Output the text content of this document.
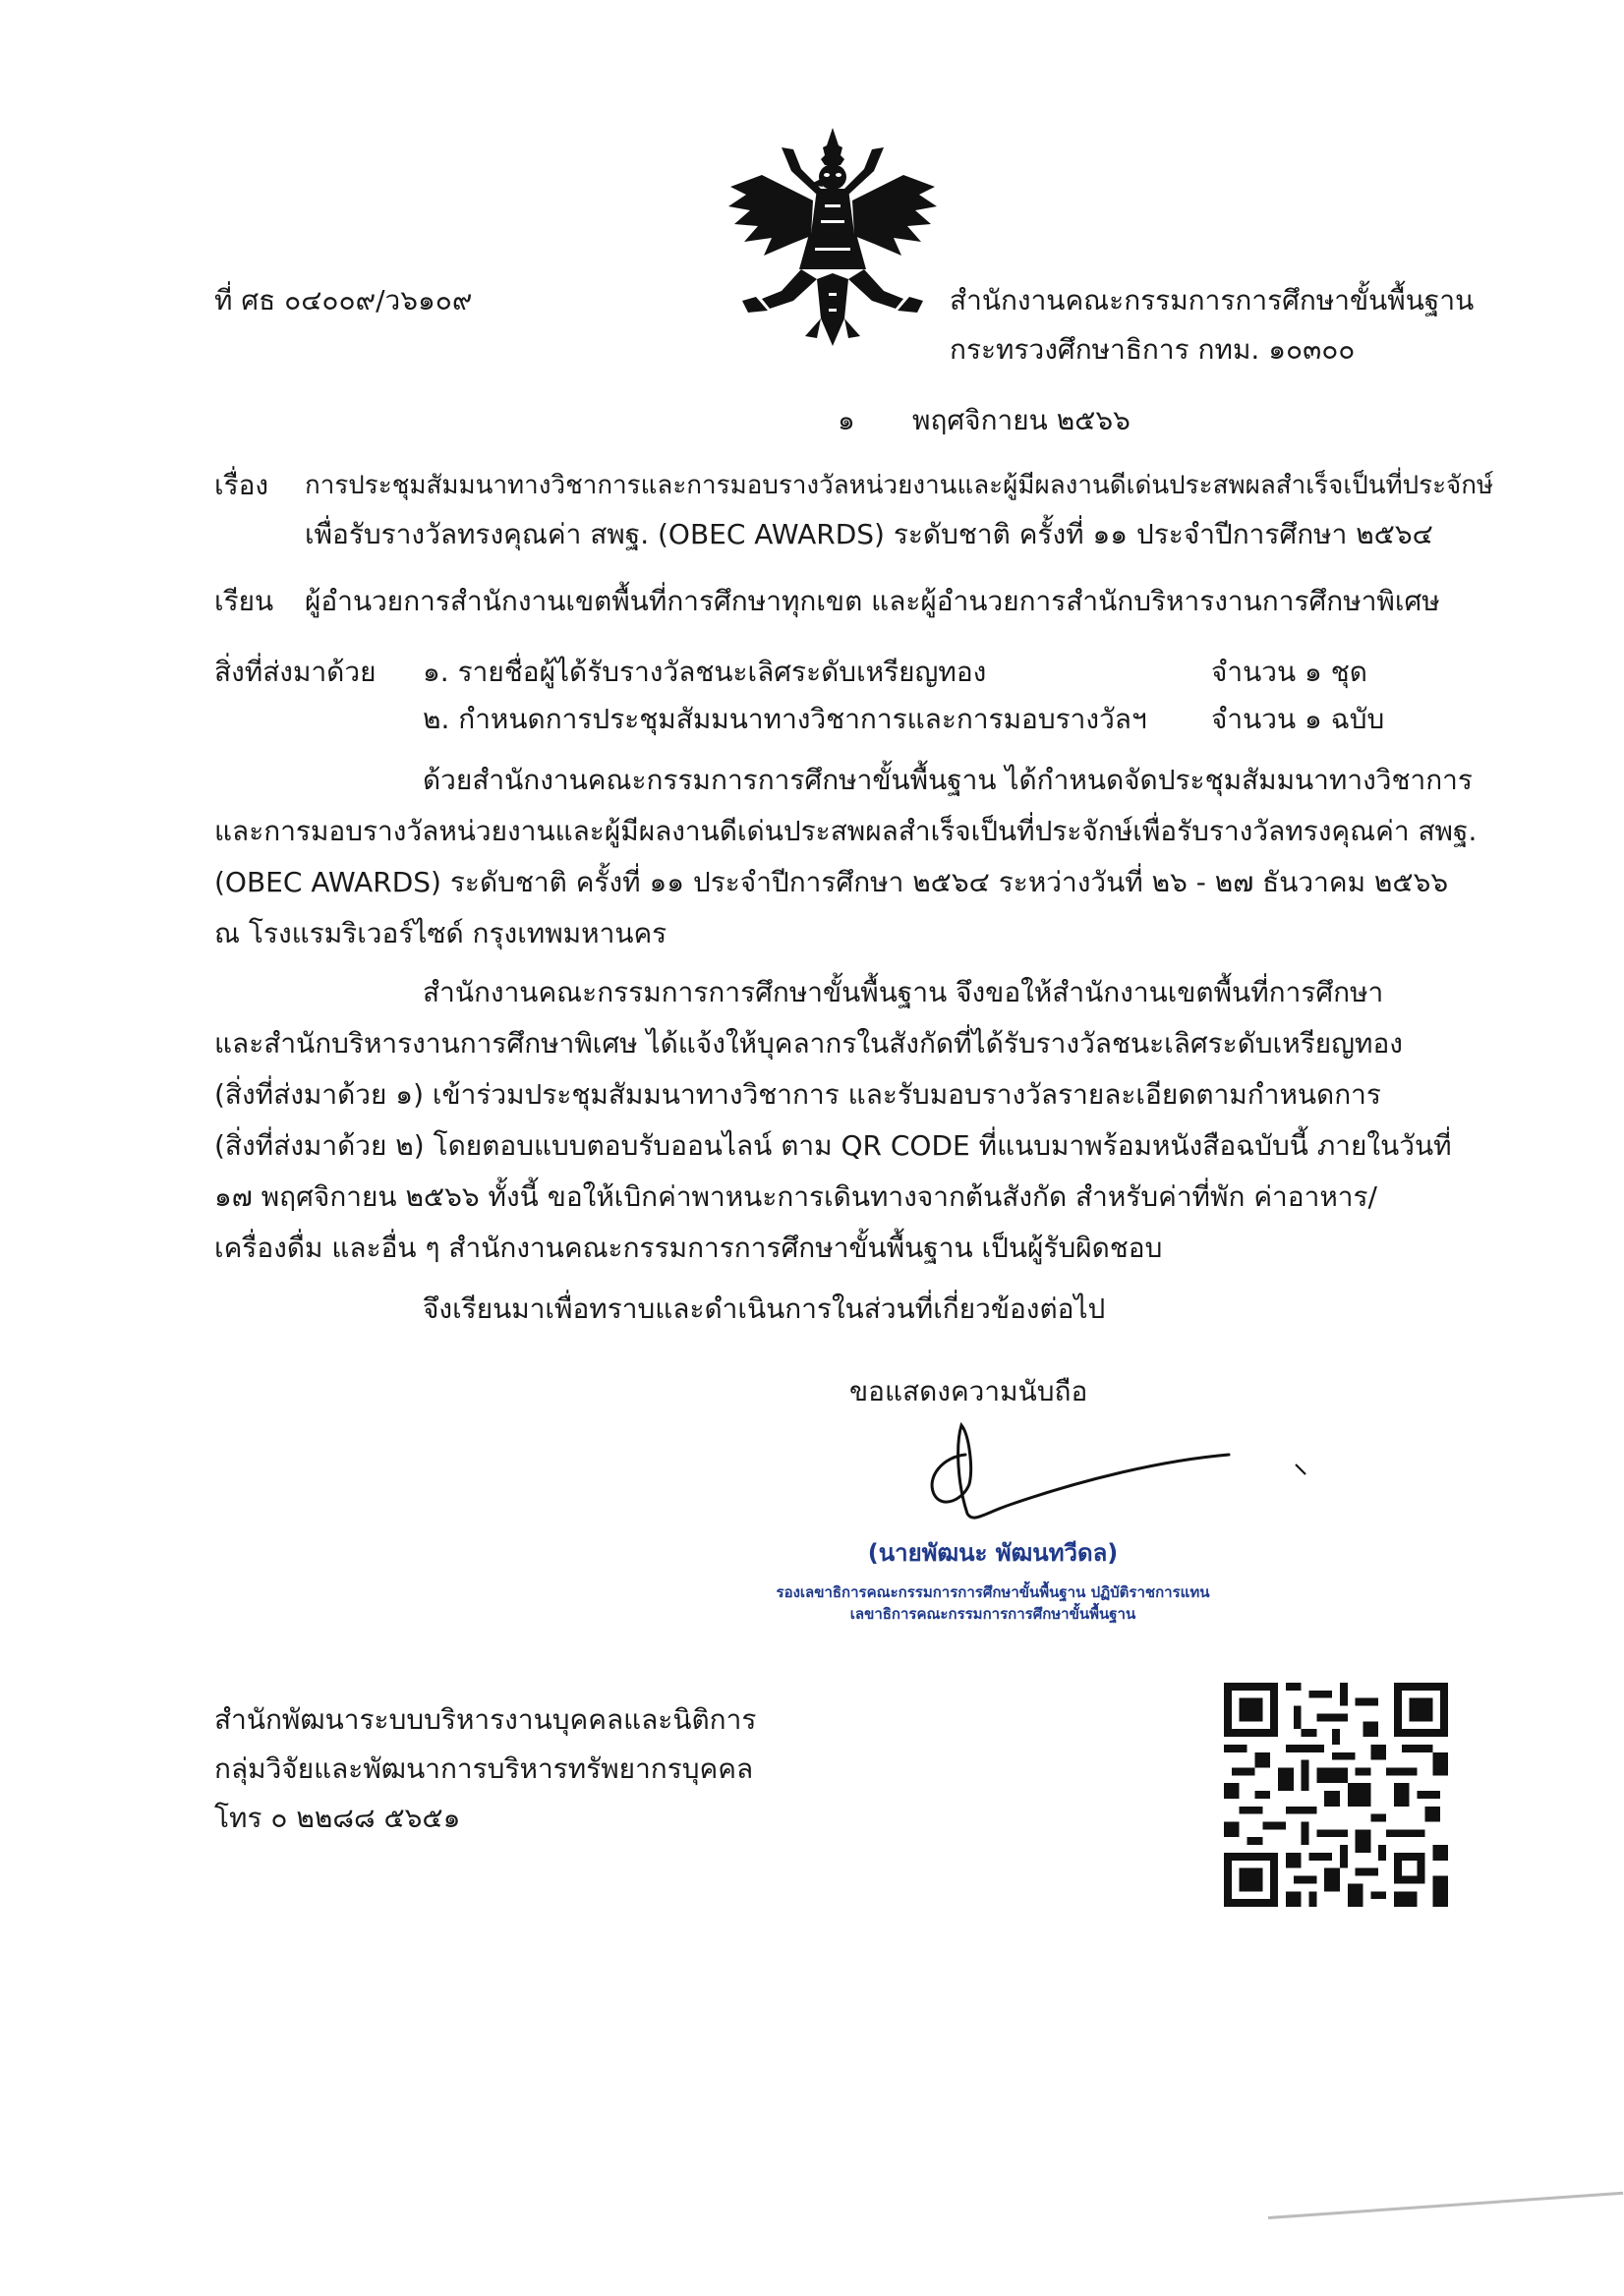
ที่ ศธ ๐๔๐๐๙/ว๖๑๐๙	สำนักงานคณะกรรมการการศึกษาขั้นพื้นฐาน
กระทรวงศึกษาธิการ กทม. ๑๐๓๐๐
๑ พฤศจิกายน ๒๕๖๖
เรื่อง การประชุมสัมมนาทางวิชาการและการมอบรางวัลหน่วยงานและผู้มีผลงานดีเด่นประสพผลสำเร็จเป็นที่ประจักษ์
เพื่อรับรางวัลทรงคุณค่า สพฐ. (OBEC AWARDS) ระดับชาติ ครั้งที่ ๑๑ ประจำปีการศึกษา ๒๕๖๔
เรียน ผู้อำนวยการสำนักงานเขตพื้นที่การศึกษาทุกเขต และผู้อำนวยการสำนักบริหารงานการศึกษาพิเศษ
สิ่งที่ส่งมาด้วย ๑. รายชื่อผู้ได้รับรางวัลชนะเลิศระดับเหรียญทอง	จำนวน ๑ ชุด
๒. กำหนดการประชุมสัมมนาทางวิชาการและการมอบรางวัลฯ จำนวน ๑ ฉบับ
ด้วยสำนักงานคณะกรรมการการศึกษาขั้นพื้นฐาน ได้กำหนดจัดประชุมสัมมนาทางวิชาการ
และการมอบรางวัลหน่วยงานและผู้มีผลงานดีเด่นประสพผลสำเร็จเป็นที่ประจักษ์เพื่อรับรางวัลทรงคุณค่า สพฐ.
(OBEC AWARDS) ระดับชาติ ครั้งที่ ๑๑ ประจำปีการศึกษา ๒๕๖๔ ระหว่างวันที่ ๒๖ - ๒๗ ธันวาคม ๒๕๖๖
ณ โรงแรมริเวอร์ไซด์ กรุงเทพมหานคร
สำนักงานคณะกรรมการการศึกษาขั้นพื้นฐาน จึงขอให้สำนักงานเขตพื้นที่การศึกษา
และสำนักบริหารงานการศึกษาพิเศษ ได้แจ้งให้บุคลากรในสังกัดที่ได้รับรางวัลชนะเลิศระดับเหรียญทอง
(สิ่งที่ส่งมาด้วย ๑) เข้าร่วมประชุมสัมมนาทางวิชาการ และรับมอบรางวัลรายละเอียดตามกำหนดการ
(สิ่งที่ส่งมาด้วย ๒) โดยตอบแบบตอบรับออนไลน์ ตาม QR CODE ที่แนบมาพร้อมหนังสือฉบับนี้ ภายในวันที่
๑๗ พฤศจิกายน ๒๕๖๖ ทั้งนี้ ขอให้เบิกค่าพาหนะการเดินทางจากต้นสังกัด สำหรับค่าที่พัก ค่าอาหาร/
เครื่องดื่ม และอื่น ๆ สำนักงานคณะกรรมการการศึกษาขั้นพื้นฐาน เป็นผู้รับผิดชอบ
จึงเรียนมาเพื่อทราบและดำเนินการในส่วนที่เกี่ยวข้องต่อไป
ขอแสดงความนับถือ
(นายพัฒนะ พัฒนทวีดล)
รองเลขาธิการคณะกรรมการการศึกษาขั้นพื้นฐาน ปฏิบัติราชการแทน
เลขาธิการคณะกรรมการการศึกษาขั้นพื้นฐาน
สำนักพัฒนาระบบบริหารงานบุคคลและนิติการ
กลุ่มวิจัยและพัฒนาการบริหารทรัพยากรบุคคล
โทร ๐ ๒๒๘๘ ๕๖๕๑
